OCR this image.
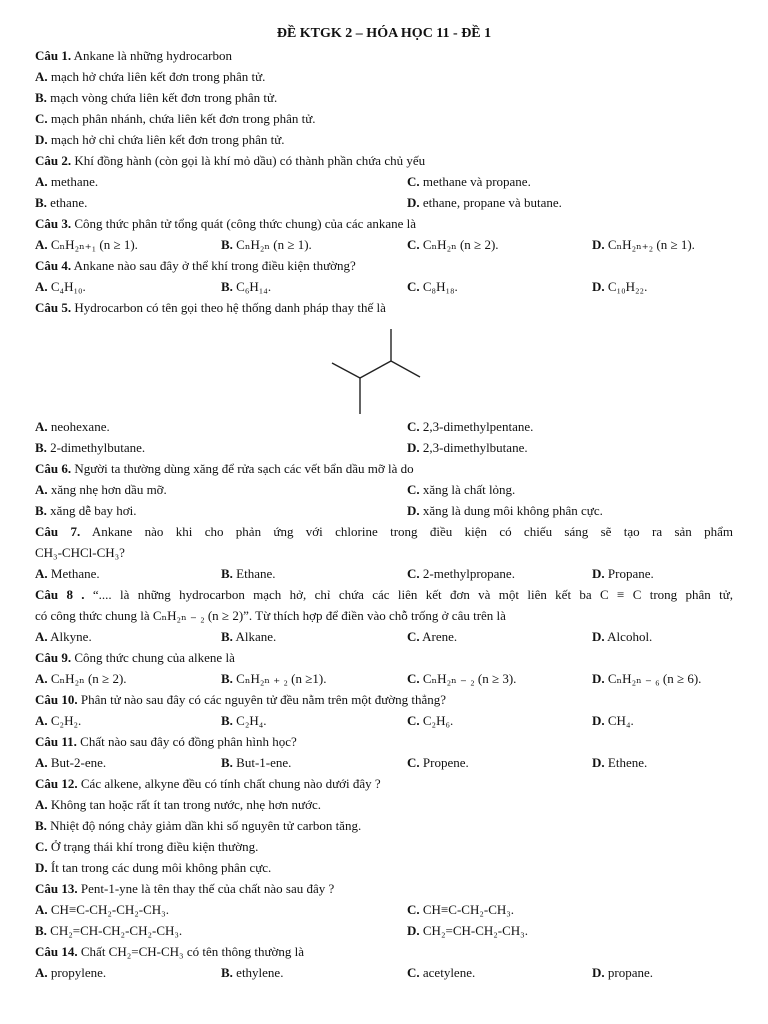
ĐỀ KTGK 2 – HÓA HỌC 11 - ĐỀ 1
Câu 1. Ankane là những hydrocarbon
A. mạch hở chứa liên kết đơn trong phân tử.
B. mạch vòng chứa liên kết đơn trong phân tử.
C. mạch phân nhánh, chứa liên kết đơn trong phân tử.
D. mạch hở chỉ chứa liên kết đơn trong phân tử.
Câu 2. Khí đồng hành (còn gọi là khí mỏ dầu) có thành phần chứa chủ yếu
A. methane.	C. methane và propane.
B. ethane.	D. ethane, propane và butane.
Câu 3. Công thức phân tử tổng quát (công thức chung) của các ankane là
A. CₙH₂ₙ₊₁ (n ≥ 1).	B. CₙH₂ₙ (n ≥ 1).	C. CₙH₂ₙ (n ≥ 2).	D. CₙH₂ₙ₊₂ (n ≥ 1).
Câu 4. Ankane nào sau đây ở thể khí trong điều kiện thường?
A. C₄H₁₀.	B. C₆H₁₄.	C. C₈H₁₈.	D. C₁₀H₂₂.
Câu 5. Hydrocarbon có tên gọi theo hệ thống danh pháp thay thế là
A. neohexane.	C. 2,3-dimethylpentane.
B. 2-dimethylbutane.	D. 2,3-dimethylbutane.
Câu 6. Người ta thường dùng xăng để rửa sạch các vết bẩn dầu mỡ là do
A. xăng nhẹ hơn dầu mỡ.	C. xăng là chất lỏng.
B. xăng dễ bay hơi.	D. xăng là dung môi không phân cực.
Câu 7. Ankane nào khi cho phản ứng với chlorine trong điều kiện có chiếu sáng sẽ tạo ra sản phẩm
CH₃-CHCl-CH₃?
A. Methane.	B. Ethane.	C. 2-methylpropane.	D. Propane.
Câu 8 . “.... là những hydrocarbon mạch hở, chỉ chứa các liên kết đơn và một liên kết ba C ≡ C trong phân tử,
có công thức chung là CₙH₂ₙ ₋ ₂ (n ≥ 2)”. Từ thích hợp để điền vào chỗ trống ở câu trên là
A. Alkyne.	B. Alkane.	C. Arene.	D. Alcohol.
Câu 9. Công thức chung của alkene là
A. CₙH₂ₙ (n ≥ 2).	B. CₙH₂ₙ ₊ ₂ (n ≥1).	C. CₙH₂ₙ ₋ ₂ (n ≥ 3).	D. CₙH₂ₙ ₋ ₆ (n ≥ 6).
Câu 10. Phân tử nào sau đây có các nguyên tử đều nằm trên một đường thẳng?
A. C₂H₂.	B. C₂H₄.	C. C₂H₆.	D. CH₄.
Câu 11. Chất nào sau đây có đồng phân hình học?
A. But-2-ene.	B. But-1-ene.	C. Propene.	D. Ethene.
Câu 12. Các alkene, alkyne đều có tính chất chung nào dưới đây ?
A. Không tan hoặc rất ít tan trong nước, nhẹ hơn nước.
B. Nhiệt độ nóng chảy giảm dần khi số nguyên tử carbon tăng.
C. Ở trạng thái khí trong điều kiện thường.
D. Ít tan trong các dung môi không phân cực.
Câu 13. Pent-1-yne là tên thay thế của chất nào sau đây ?
A. CH≡C-CH₂-CH₂-CH₃.	C. CH≡C-CH₂-CH₃.
B. CH₂=CH-CH₂-CH₂-CH₃.	D. CH₂=CH-CH₂-CH₃.
Câu 14. Chất CH₂=CH-CH₃ có tên thông thường là
A. propylene.	B. ethylene.	C. acetylene.	D. propane.
